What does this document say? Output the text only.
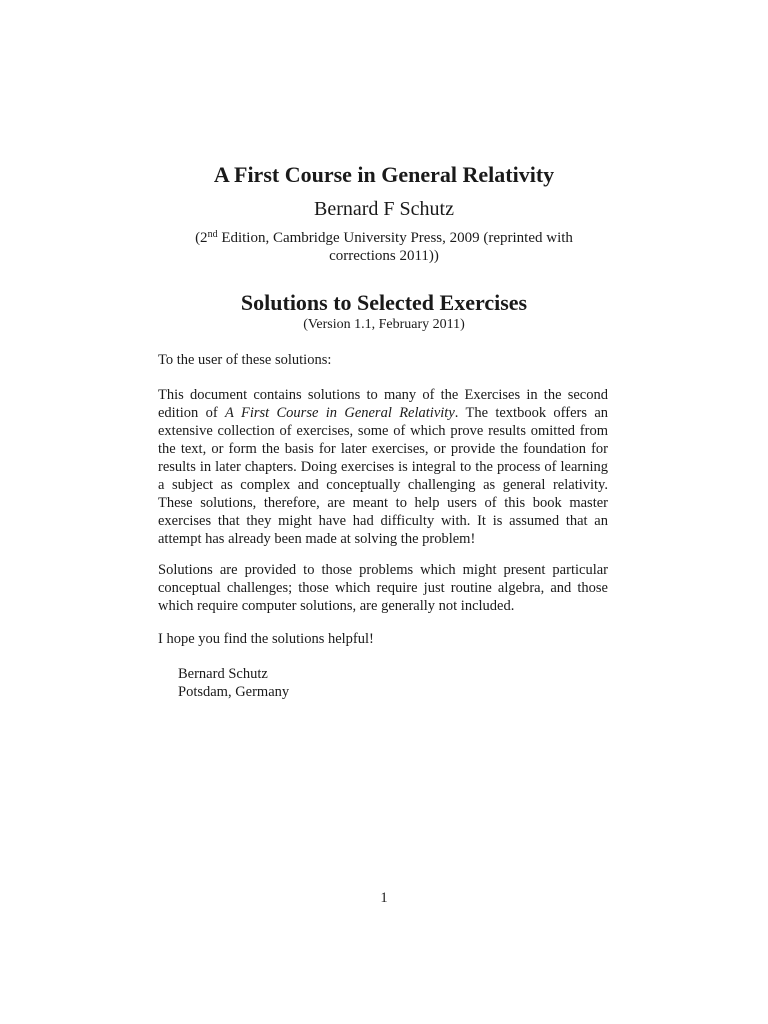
A First Course in General Relativity
Bernard F Schutz
(2nd Edition, Cambridge University Press, 2009 (reprinted with corrections 2011))
Solutions to Selected Exercises
(Version 1.1, February 2011)
To the user of these solutions:
This document contains solutions to many of the Exercises in the second edition of A First Course in General Relativity. The textbook offers an extensive collection of exercises, some of which prove results omitted from the text, or form the basis for later exercises, or provide the foundation for results in later chapters. Doing exercises is integral to the process of learning a subject as complex and conceptually challenging as general relativity. These solutions, therefore, are meant to help users of this book master exercises that they might have had difficulty with. It is assumed that an attempt has already been made at solving the problem!
Solutions are provided to those problems which might present particular conceptual challenges; those which require just routine algebra, and those which require computer solutions, are generally not included.
I hope you find the solutions helpful!
Bernard Schutz
Potsdam, Germany
1
